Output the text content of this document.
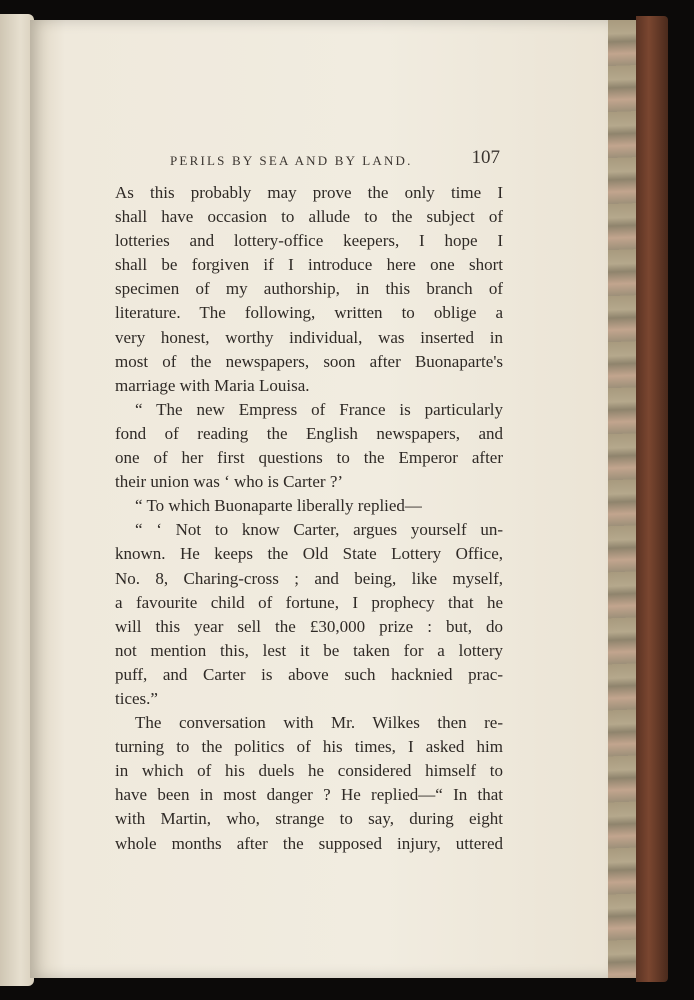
PERILS BY SEA AND BY LAND.	107
As this probably may prove the only time I
shall have occasion to allude to the subject of
lotteries and lottery-office keepers, I hope I
shall be forgiven if I introduce here one short
specimen of my authorship, in this branch of
literature. The following, written to oblige a
very honest, worthy individual, was inserted in
most of the newspapers, soon after Buonaparte's
marriage with Maria Louisa.
“ The new Empress of France is particularly
fond of reading the English newspapers, and
one of her first questions to the Emperor after
their union was ‘ who is Carter ?’
“ To which Buonaparte liberally replied—
“ ‘ Not to know Carter, argues yourself un-
known. He keeps the Old State Lottery Office,
No. 8, Charing-cross ; and being, like myself,
a favourite child of fortune, I prophecy that he
will this year sell the £30,000 prize : but, do
not mention this, lest it be taken for a lottery
puff, and Carter is above such hacknied prac-
tices.”
The conversation with Mr. Wilkes then re-
turning to the politics of his times, I asked him
in which of his duels he considered himself to
have been in most danger ? He replied—“ In that
with Martin, who, strange to say, during eight
whole months after the supposed injury, uttered
